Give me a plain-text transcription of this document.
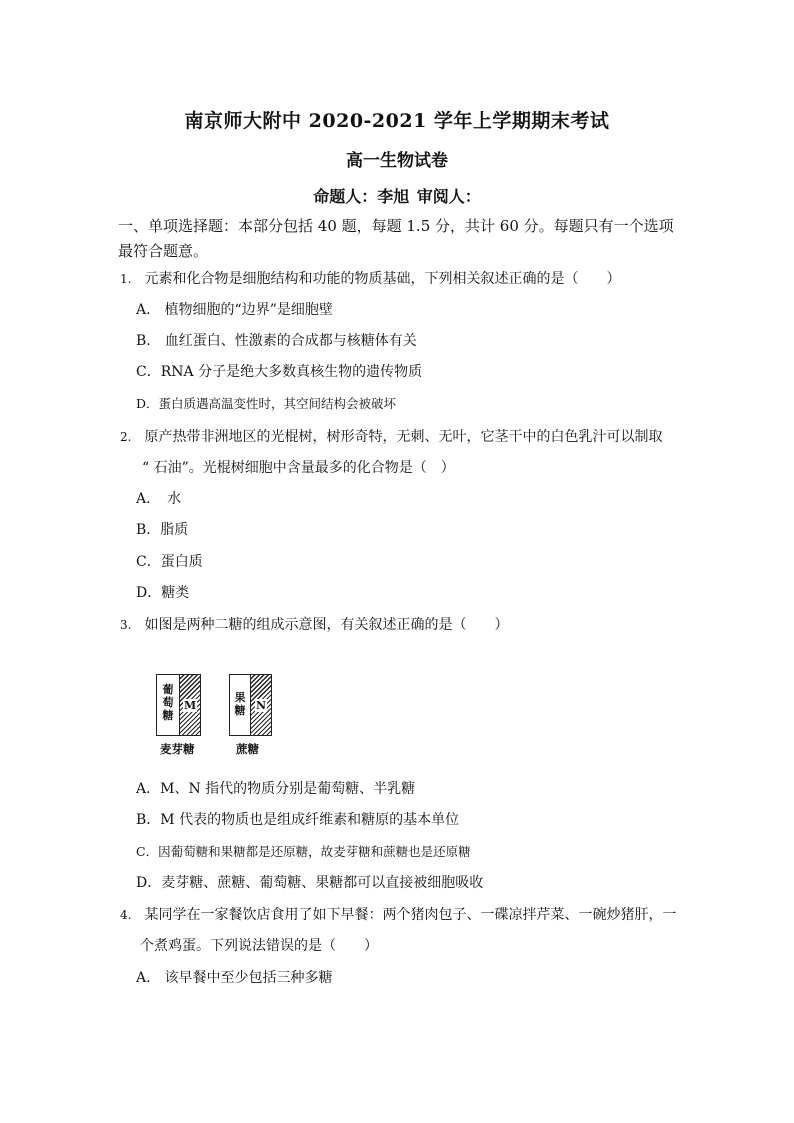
南京师大附中 2020-2021 学年上学期期末考试
高一生物试卷
命题人：李旭 审阅人：
一、单项选择题：本部分包括 40 题，每题 1.5 分，共计 60 分。每题只有一个选项最符合题意。
1. 元素和化合物是细胞结构和功能的物质基础，下列相关叙述正确的是（　　）
A.　植物细胞的“边界”是细胞壁
B.　血红蛋白、性激素的合成都与核糖体有关
C．RNA 分子是绝大多数真核生物的遗传物质
D．蛋白质遇高温变性时，其空间结构会被破坏
2. 原产热带非洲地区的光棍树，树形奇特，无刺、无叶，它茎干中的白色乳汁可以制取
“ 石油”。光棍树细胞中含量最多的化合物是（　）
A．　水
B．脂质
C．蛋白质
D．糖类
3. 如图是两种二糖的组成示意图，有关叙述正确的是（　　）
葡
萄
糖
M
麦芽糖
果
糖 N
蔗糖
A．M、N 指代的物质分别是葡萄糖、半乳糖
B．M 代表的物质也是组成纤维素和糖原的基本单位
C．因葡萄糖和果糖都是还原糖，故麦芽糖和蔗糖也是还原糖
D．麦芽糖、蔗糖、葡萄糖、果糖都可以直接被细胞吸收
4. 某同学在一家餐饮店食用了如下早餐：两个猪肉包子、一碟凉拌芹菜、一碗炒猪肝，一
个煮鸡蛋。下列说法错误的是（　　）
A.　该早餐中至少包括三种多糖
